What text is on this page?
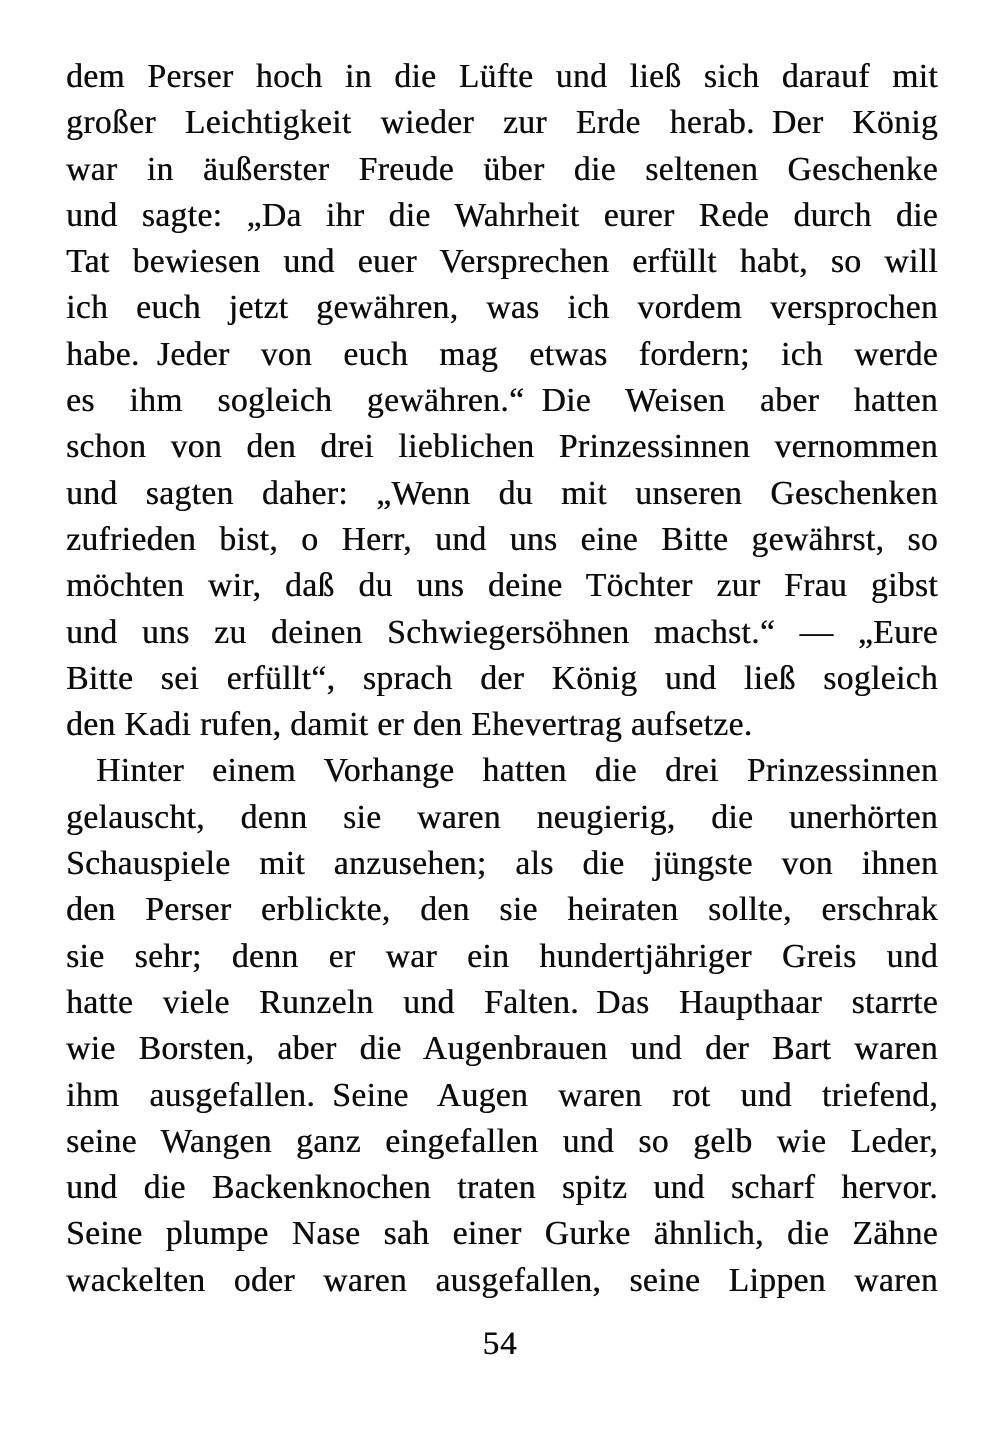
dem Perser hoch in die Lüfte und ließ sich darauf mit
großer Leichtigkeit wieder zur Erde herab. Der König
war in äußerster Freude über die seltenen Geschenke
und sagte: „Da ihr die Wahrheit eurer Rede durch die
Tat bewiesen und euer Versprechen erfüllt habt, so will
ich euch jetzt gewähren, was ich vordem versprochen
habe. Jeder von euch mag etwas fordern; ich werde
es ihm sogleich gewähren.“ Die Weisen aber hatten
schon von den drei lieblichen Prinzessinnen vernommen
und sagten daher: „Wenn du mit unseren Geschenken
zufrieden bist, o Herr, und uns eine Bitte gewährst, so
möchten wir, daß du uns deine Töchter zur Frau gibst
und uns zu deinen Schwiegersöhnen machst.“ — „Eure
Bitte sei erfüllt“, sprach der König und ließ sogleich
den Kadi rufen, damit er den Ehevertrag aufsetze.
Hinter einem Vorhange hatten die drei Prinzessinnen
gelauscht, denn sie waren neugierig, die unerhörten
Schauspiele mit anzusehen; als die jüngste von ihnen
den Perser erblickte, den sie heiraten sollte, erschrak
sie sehr; denn er war ein hundertjähriger Greis und
hatte viele Runzeln und Falten. Das Haupthaar starrte
wie Borsten, aber die Augenbrauen und der Bart waren
ihm ausgefallen. Seine Augen waren rot und triefend,
seine Wangen ganz eingefallen und so gelb wie Leder,
und die Backenknochen traten spitz und scharf hervor.
Seine plumpe Nase sah einer Gurke ähnlich, die Zähne
wackelten oder waren ausgefallen, seine Lippen waren
54
